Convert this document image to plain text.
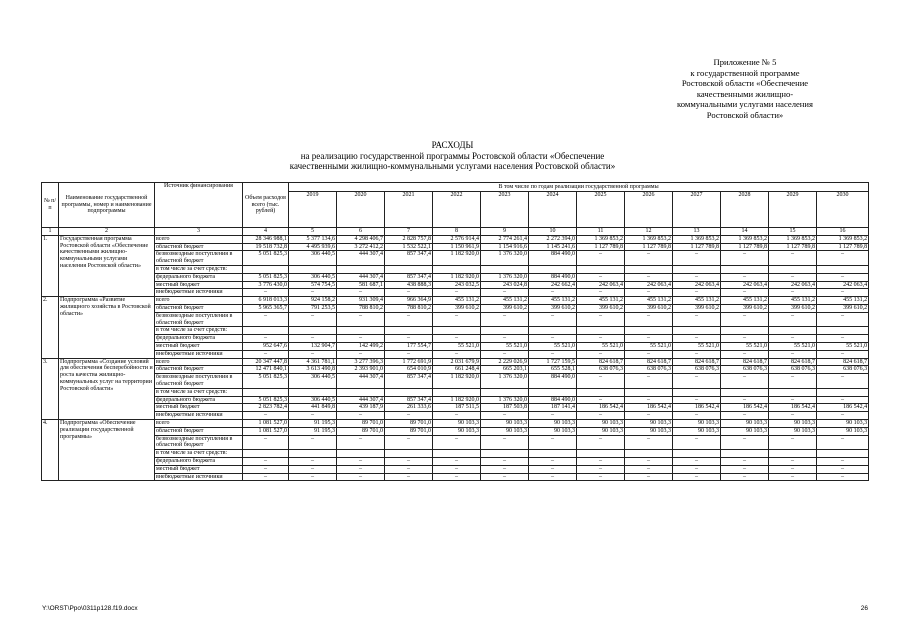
Приложение № 5
к государственной программе
Ростовской области «Обеспечение
качественными жилищно-
коммунальными услугами населения
Ростовской области»
РАСХОДЫ
на реализацию государственной программы Ростовской области «Обеспечение
качественными жилищно-коммунальными услугами населения Ростовской области»
№ п/п	Наименование государственной программы, номер и наименование подпрограммы	Источник финансирования	Объем расходов всего (тыс. рублей)	В том числе по годам реализации государственной программы											
				2019	2020	2021	2022	2023	2024	2025	2026	2027	2028	2029	2030
1	2	3	4	5	6	7	8	9	10	11	12	13	14	15	16
1.	Государственная программа Ростовской области «Обеспечение качественными жилищно-коммунальными услугами населения Ростовской области»	всего	28 346 988,1	5 377 134,6	4 298 406,7	2 828 757,8	2 576 914,4	2 774 261,4	2 272 394,0	1 369 853,2	1 369 853,2	1 369 853,2	1 369 853,2	1 369 853,2	1 369 853,2
		областной бюджет	19 518 732,8	4 495 939,6	3 272 412,2	1 532 522,1	1 150 961,9	1 154 916,6	1 145 241,6	1 127 789,8	1 127 789,8	1 127 789,8	1 127 789,8	1 127 789,8	1 127 789,8
		безвозмездные поступления в областной бюджет	5 051 825,3	306 440,5	444 307,4	857 347,4	1 182 920,0	1 376 320,0	884 490,0	–	–	–	–	–	–
		в том числе за счет средств:													
		федерального бюджета	5 051 825,3	306 440,5	444 307,4	857 347,4	1 182 920,0	1 376 320,0	884 490,0	–	–	–	–	–	–
		местный бюджет	3 776 430,0	574 754,5	581 687,1	438 888,3	243 032,5	243 024,8	242 662,4	242 063,4	242 063,4	242 063,4	242 063,4	242 063,4	242 063,4
		внебюджетные источники	–	–	–	–	–	–	–	–	–	–	–	–	–
2.	Подпрограмма «Развитие жилищного хозяйства в Ростовской области»	всего	6 918 013,3	924 158,2	931 309,4	966 364,9	455 131,2	455 131,2	455 131,2	455 131,2	455 131,2	455 131,2	455 131,2	455 131,2	455 131,2
		областной бюджет	5 965 365,7	791 253,5	788 810,2	788 810,2	399 610,2	399 610,2	399 610,2	399 610,2	399 610,2	399 610,2	399 610,2	399 610,2	399 610,2
		безвозмездные поступления в областной бюджет	–	–	–	–	–	–	–	–	–	–	–	–	–
		в том числе за счет средств:													
		федерального бюджета	–	–	–	–	–	–	–	–	–	–	–	–	–
		местный бюджет	952 647,6	132 904,7	142 499,2	177 554,7	55 521,0	55 521,0	55 521,0	55 521,0	55 521,0	55 521,0	55 521,0	55 521,0	55 521,0
		внебюджетные источники	–	–	–	–	–	–	–	–	–	–	–	–	–
3.	Подпрограмма «Создание условий для обеспечения бесперебойности и роста качества жилищно-коммунальных услуг на территории Ростовской области»	всего	20 347 447,8	4 361 781,1	3 277 396,3	1 772 691,9	2 031 679,9	2 229 026,9	1 727 159,5	824 618,7	824 618,7	824 618,7	824 618,7	824 618,7	824 618,7
		областной бюджет	12 471 840,1	3 613 490,8	2 393 901,0	654 010,9	661 248,4	665 203,1	655 528,1	638 076,3	638 076,3	638 076,3	638 076,3	638 076,3	638 076,3
		безвозмездные поступления в областной бюджет	5 051 825,3	306 440,5	444 307,4	857 347,4	1 182 920,0	1 376 320,0	884 490,0	–	–	–	–	–	–
		в том числе за счет средств:													
		федерального бюджета	5 051 825,3	306 440,5	444 307,4	857 347,4	1 182 920,0	1 376 320,0	884 490,0	–	–	–	–	–	–
		местный бюджет	2 823 782,4	441 849,8	439 187,9	261 333,6	187 511,5	187 503,8	187 141,4	186 542,4	186 542,4	186 542,4	186 542,4	186 542,4	186 542,4
		внебюджетные источники	–	–	–	–	–	–	–	–	–	–	–	–	–
4.	Подпрограмма «Обеспечение реализации государственной программы»	всего	1 081 527,0	91 195,3	89 701,0	89 701,0	90 103,3	90 103,3	90 103,3	90 103,3	90 103,3	90 103,3	90 103,3	90 103,3	90 103,3
		областной бюджет	1 081 527,0	91 195,3	89 701,0	89 701,0	90 103,3	90 103,3	90 103,3	90 103,3	90 103,3	90 103,3	90 103,3	90 103,3	90 103,3
		безвозмездные поступления в областной бюджет	–	–	–	–	–	–	–	–	–	–	–	–	–
		в том числе за счет средств:													
		федерального бюджета	–	–	–	–	–	–	–	–	–	–	–	–	–
		местный бюджет	–	–	–	–	–	–	–	–	–	–	–	–	–
		внебюджетные источники	–	–	–	–	–	–	–	–	–	–	–	–	–
Y:\ORST\Ppo\0311p128.f19.docx	26
